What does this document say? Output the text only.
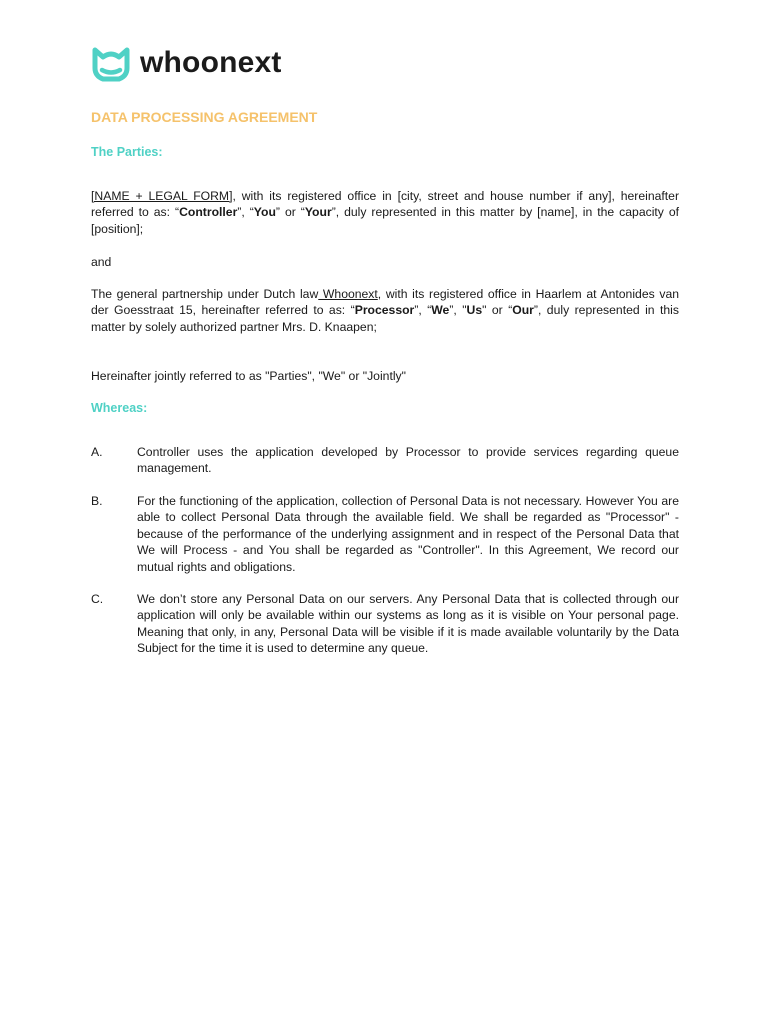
whoonext
DATA PROCESSING AGREEMENT
The Parties:
[NAME + LEGAL FORM], with its registered office in [city, street and house number if any], hereinafter referred to as: “Controller”, “You” or “Your”, duly represented in this matter by [name], in the capacity of [position];
and
The general partnership under Dutch law Whoonext, with its registered office in Haarlem at Antonides van der Goesstraat 15, hereinafter referred to as: “Processor”, “We”, "Us" or “Our”, duly represented in this matter by solely authorized partner Mrs. D. Knaapen;
Hereinafter jointly referred to as "Parties", "We" or "Jointly"
Whereas:
A.	Controller uses the application developed by Processor to provide services regarding queue management.
B.	For the functioning of the application, collection of Personal Data is not necessary. However You are able to collect Personal Data through the available field. We shall be regarded as "Processor" - because of the performance of the underlying assignment and in respect of the Personal Data that We will Process - and You shall be regarded as "Controller". In this Agreement, We record our mutual rights and obligations.
C.	We don’t store any Personal Data on our servers. Any Personal Data that is collected through our application will only be available within our systems as long as it is visible on Your personal page. Meaning that only, in any, Personal Data will be visible if it is made available voluntarily by the Data Subject for the time it is used to determine any queue.
